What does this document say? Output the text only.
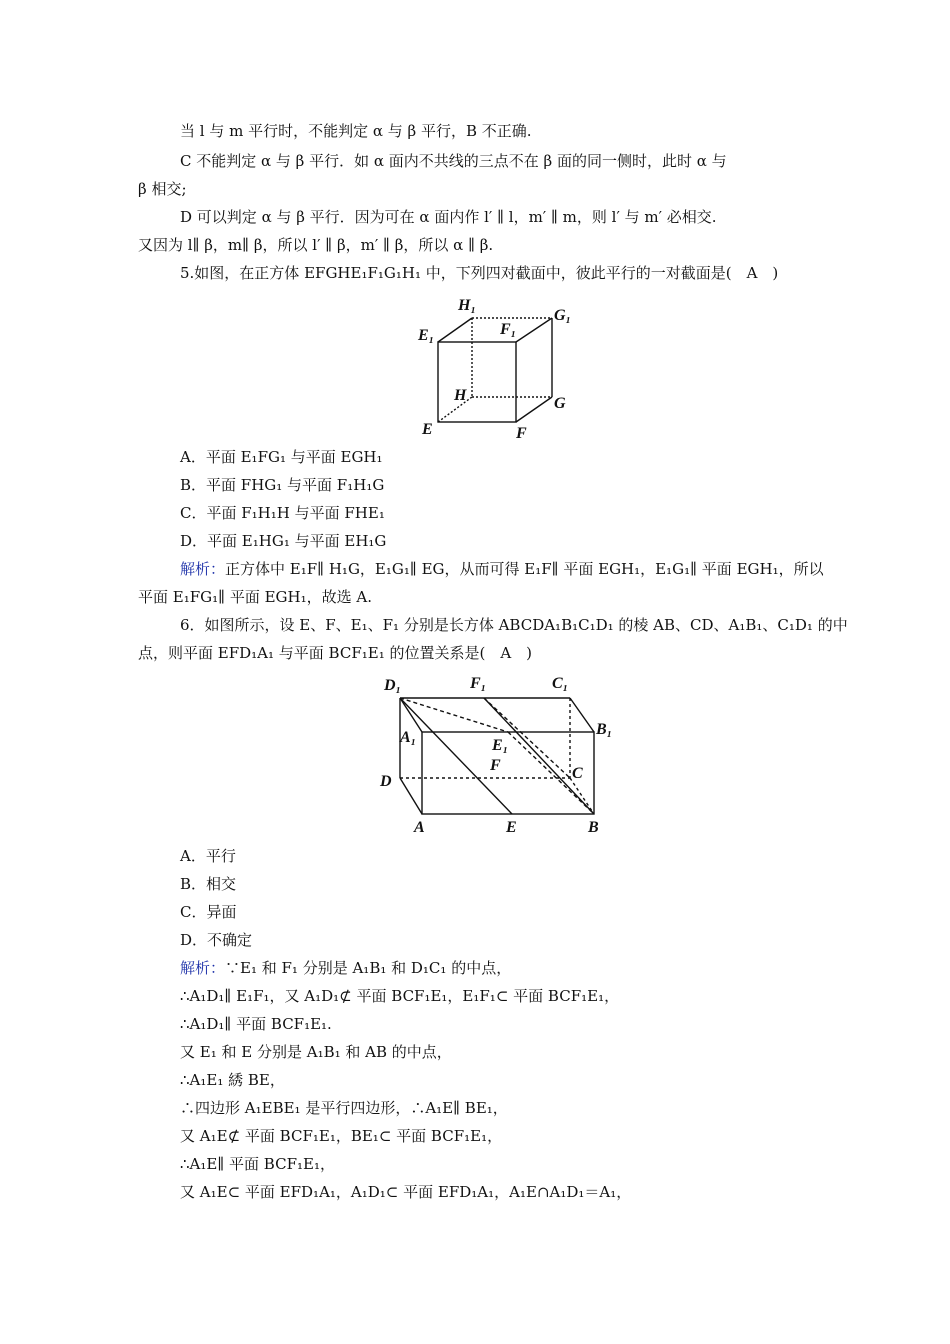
当 l 与 m 平行时，不能判定 α 与 β 平行，B 不正确.
C 不能判定 α 与 β 平行．如 α 面内不共线的三点不在 β 面的同一侧时，此时 α 与
β 相交;
D 可以判定 α 与 β 平行．因为可在 α 面内作 l′ ∥ l，m′ ∥ m，则 l′ 与 m′ 必相交.
又因为 l∥ β，m∥ β，所以 l′ ∥ β，m′ ∥ β，所以 α ∥ β.
5.如图，在正方体 EFGHE₁F₁G₁H₁ 中，下列四对截面中，彼此平行的一对截面是(　A　)
H₁
G₁
E₁	F₁
H	G
E	F
A．平面 E₁FG₁ 与平面 EGH₁
B．平面 FHG₁ 与平面 F₁H₁G
C．平面 F₁H₁H 与平面 FHE₁
D．平面 E₁HG₁ 与平面 EH₁G
解析：正方体中 E₁F∥ H₁G，E₁G₁∥ EG，从而可得 E₁F∥ 平面 EGH₁，E₁G₁∥ 平面 EGH₁，所以
平面 E₁FG₁∥ 平面 EGH₁，故选 A.
6．如图所示，设 E、F、E₁、F₁ 分别是长方体 ABCDA₁B₁C₁D₁ 的棱 AB、CD、A₁B₁、C₁D₁ 的中
点，则平面 EFD₁A₁ 与平面 BCF₁E₁ 的位置关系是(　A　)
D₁	F₁	C₁
B₁
A₁	E₁
F	C
D
A	E	B
A．平行
B．相交
C．异面
D．不确定
解析：∵E₁ 和 F₁ 分别是 A₁B₁ 和 D₁C₁ 的中点，
∴A₁D₁∥ E₁F₁，又 A₁D₁⊄ 平面 BCF₁E₁，E₁F₁⊂ 平面 BCF₁E₁，
∴A₁D₁∥ 平面 BCF₁E₁.
又 E₁ 和 E 分别是 A₁B₁ 和 AB 的中点，
∴A₁E₁ 綉 BE，
∴四边形 A₁EBE₁ 是平行四边形，∴A₁E∥ BE₁，
又 A₁E⊄ 平面 BCF₁E₁，BE₁⊂ 平面 BCF₁E₁，
∴A₁E∥ 平面 BCF₁E₁，
又 A₁E⊂ 平面 EFD₁A₁，A₁D₁⊂ 平面 EFD₁A₁，A₁E∩A₁D₁＝A₁，
